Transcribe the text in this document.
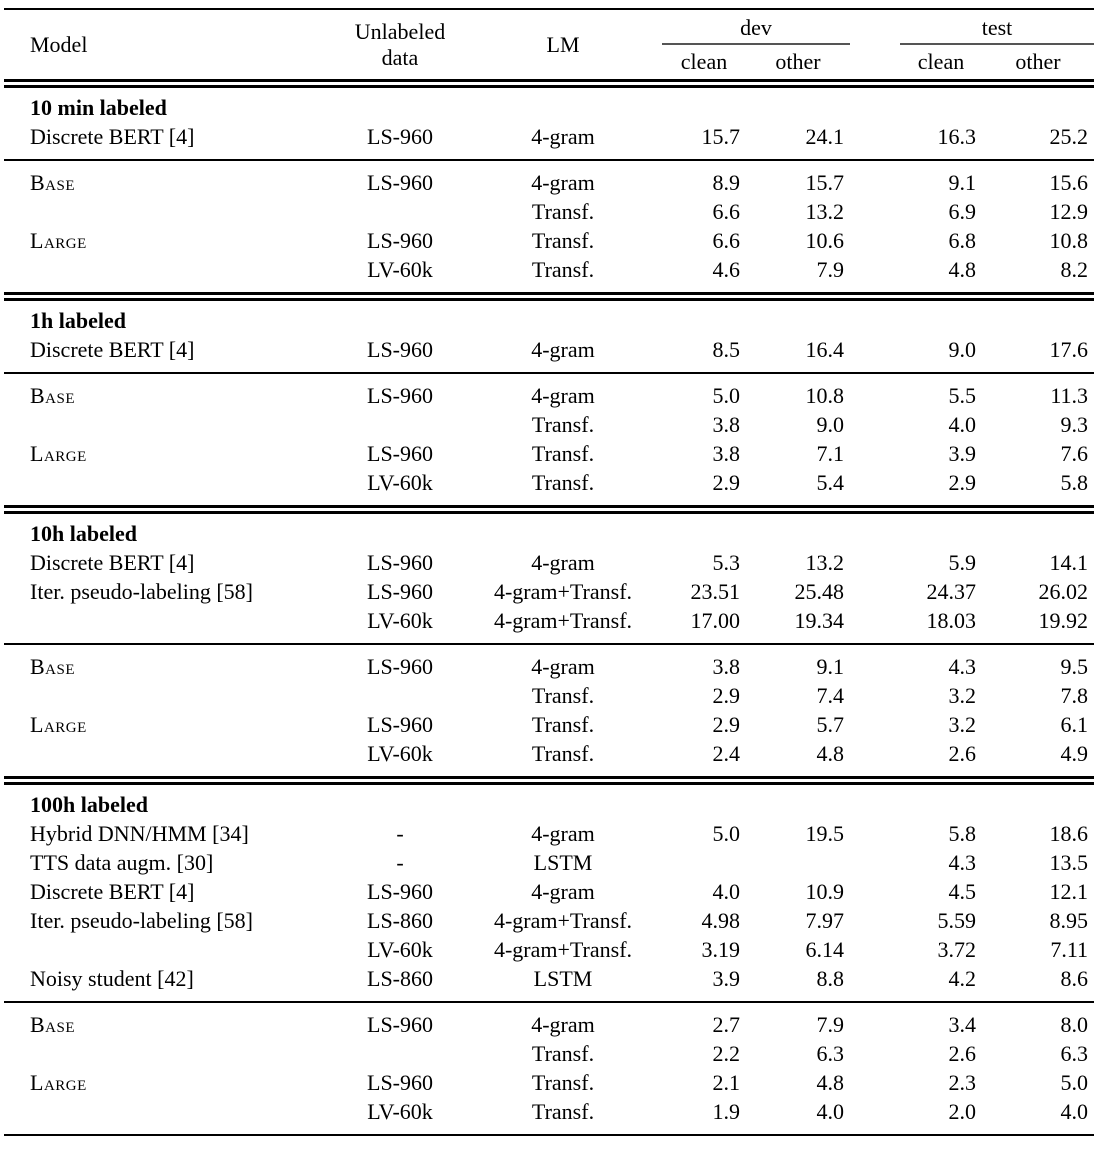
Model	Unlabeled data	LM	dev			test	
			clean	other		clean	other
10 min labeled							
Discrete BERT [4]	LS-960	4-gram	15.7	24.1		16.3	25.2
Base	LS-960	4-gram	8.9	15.7		9.1	15.6
		Transf.	6.6	13.2		6.9	12.9
Large	LS-960	Transf.	6.6	10.6		6.8	10.8
	LV-60k	Transf.	4.6	7.9		4.8	8.2
1h labeled							
Discrete BERT [4]	LS-960	4-gram	8.5	16.4		9.0	17.6
Base	LS-960	4-gram	5.0	10.8		5.5	11.3
		Transf.	3.8	9.0		4.0	9.3
Large	LS-960	Transf.	3.8	7.1		3.9	7.6
	LV-60k	Transf.	2.9	5.4		2.9	5.8
10h labeled							
Discrete BERT [4]	LS-960	4-gram	5.3	13.2		5.9	14.1
Iter. pseudo-labeling [58]	LS-960	4-gram+Transf.	23.51	25.48		24.37	26.02
	LV-60k	4-gram+Transf.	17.00	19.34		18.03	19.92
Base	LS-960	4-gram	3.8	9.1		4.3	9.5
		Transf.	2.9	7.4		3.2	7.8
Large	LS-960	Transf.	2.9	5.7		3.2	6.1
	LV-60k	Transf.	2.4	4.8		2.6	4.9
100h labeled							
Hybrid DNN/HMM [34]	-	4-gram	5.0	19.5		5.8	18.6
TTS data augm. [30]	-	LSTM				4.3	13.5
Discrete BERT [4]	LS-960	4-gram	4.0	10.9		4.5	12.1
Iter. pseudo-labeling [58]	LS-860	4-gram+Transf.	4.98	7.97		5.59	8.95
	LV-60k	4-gram+Transf.	3.19	6.14		3.72	7.11
Noisy student [42]	LS-860	LSTM	3.9	8.8		4.2	8.6
Base	LS-960	4-gram	2.7	7.9		3.4	8.0
		Transf.	2.2	6.3		2.6	6.3
Large	LS-960	Transf.	2.1	4.8		2.3	5.0
	LV-60k	Transf.	1.9	4.0		2.0	4.0
